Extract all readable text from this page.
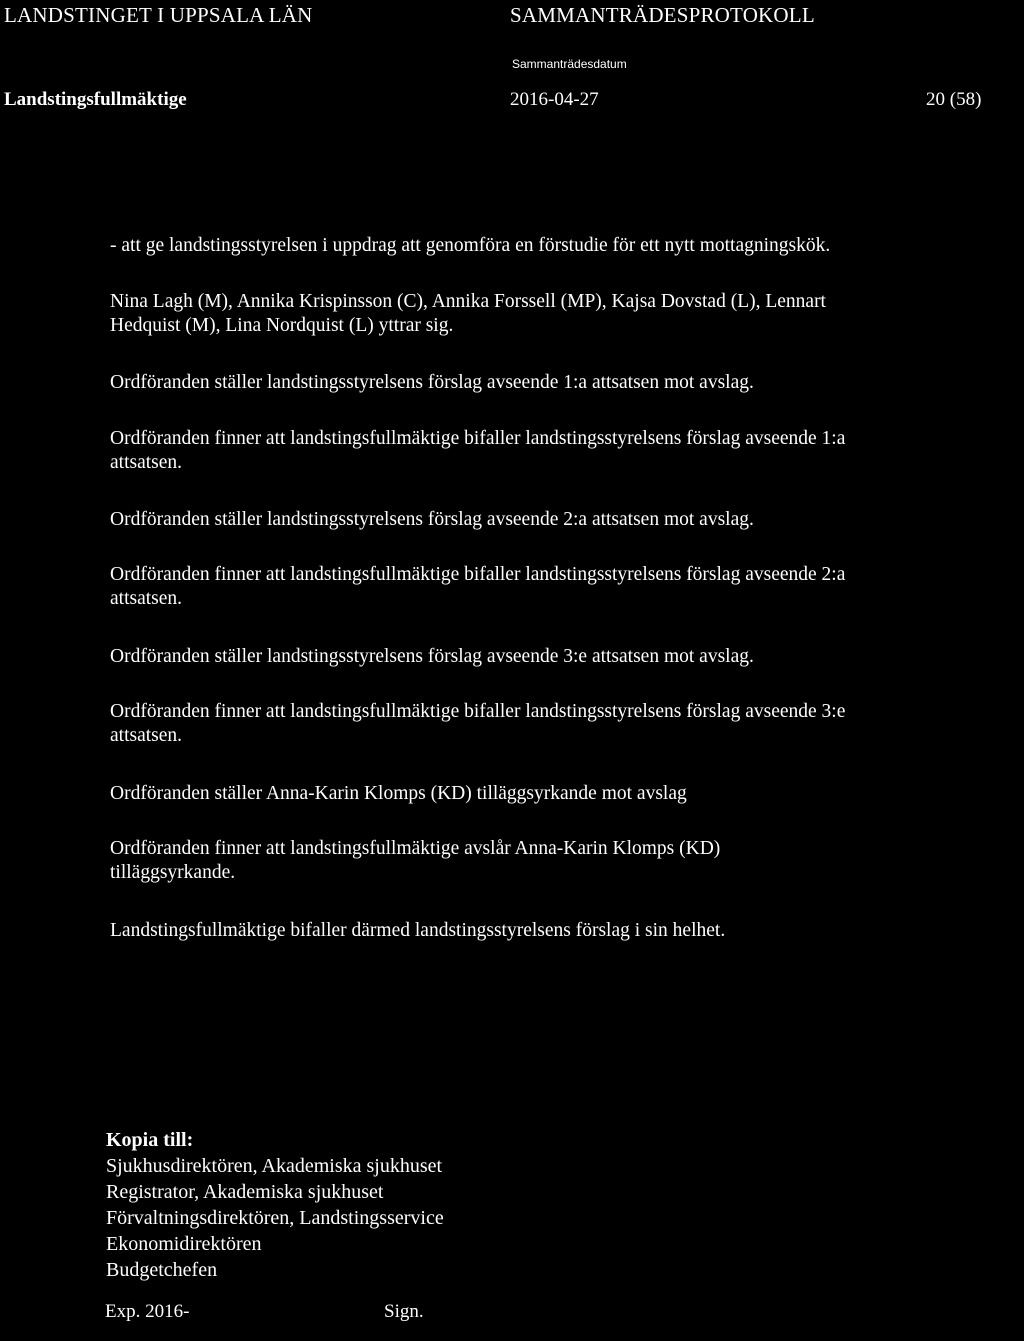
LANDSTINGET I UPPSALA LÄN	SAMMANTRÄDESPROTOKOLL
Sammanträdesdatum
Landstingsfullmäktige	2016-04-27	20 (58)
- att ge landstingsstyrelsen i uppdrag att genomföra en förstudie för ett nytt mottagningskök.
Nina Lagh (M), Annika Krispinsson (C), Annika Forssell (MP), Kajsa Dovstad (L), Lennart
Hedquist (M), Lina Nordquist (L) yttrar sig.
Ordföranden ställer landstingsstyrelsens förslag avseende 1:a attsatsen mot avslag.
Ordföranden finner att landstingsfullmäktige bifaller landstingsstyrelsens förslag avseende 1:a
attsatsen.
Ordföranden ställer landstingsstyrelsens förslag avseende 2:a attsatsen mot avslag.
Ordföranden finner att landstingsfullmäktige bifaller landstingsstyrelsens förslag avseende 2:a
attsatsen.
Ordföranden ställer landstingsstyrelsens förslag avseende 3:e attsatsen mot avslag.
Ordföranden finner att landstingsfullmäktige bifaller landstingsstyrelsens förslag avseende 3:e
attsatsen.
Ordföranden ställer Anna-Karin Klomps (KD) tilläggsyrkande mot avslag
Ordföranden finner att landstingsfullmäktige avslår Anna-Karin Klomps (KD)
tilläggsyrkande.
Landstingsfullmäktige bifaller därmed landstingsstyrelsens förslag i sin helhet.
Kopia till:
Sjukhusdirektören, Akademiska sjukhuset
Registrator, Akademiska sjukhuset
Förvaltningsdirektören, Landstingsservice
Ekonomidirektören
Budgetchefen
Exp. 2016-	Sign.
